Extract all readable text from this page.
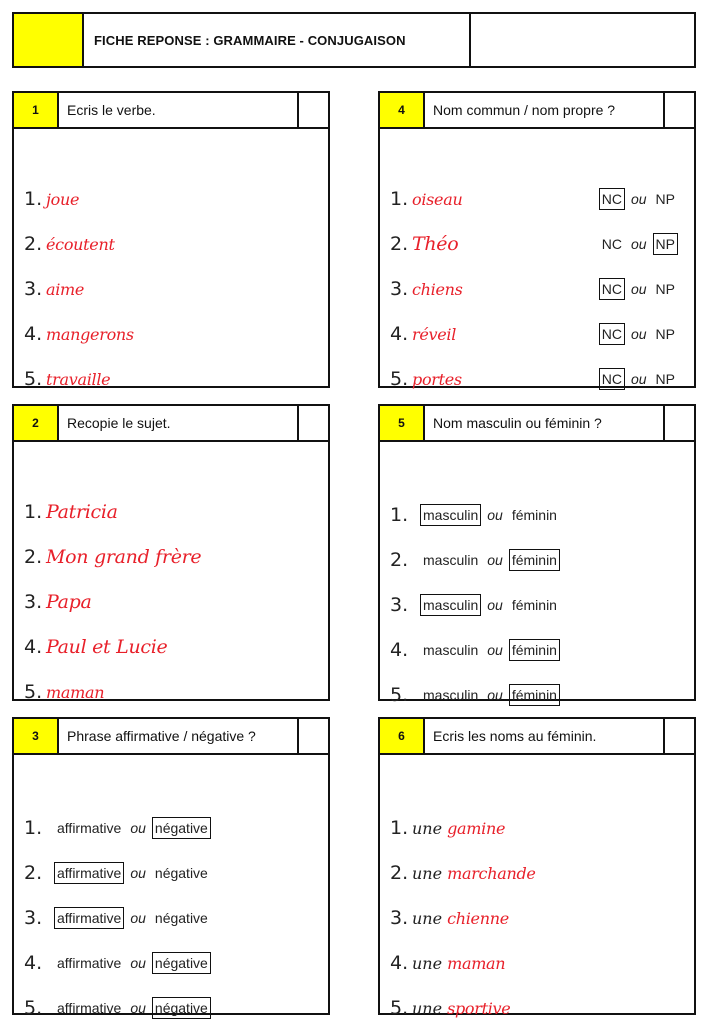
FICHE REPONSE : GRAMMAIRE - CONJUGAISON
1	Ecris le verbe.
1. joue
2. écoutent
3. aime
4. mangerons
5. travaille
4	Nom commun / nom propre ?
1. oiseau	NC ou NP
2. Théo	NC ou NP
3. chiens	NC ou NP
4. réveil	NC ou NP
5. portes	NC ou NP
2	Recopie le sujet.
1. Patricia
2. Mon grand frère
3. Papa
4. Paul et Lucie
5. maman
5	Nom masculin ou féminin ?
1.	masculin ou féminin
2.	masculin ou féminin
3.	masculin ou féminin
4.	masculin ou féminin
5.	masculin ou féminin
3	Phrase affirmative / négative ?
1.	affirmative ou négative
2.	affirmative ou négative
3.	affirmative ou négative
4.	affirmative ou négative
5.	affirmative ou négative
6	Ecris les noms au féminin.
1. une gamine
2. une marchande
3. une chienne
4. une maman
5. une sportive
